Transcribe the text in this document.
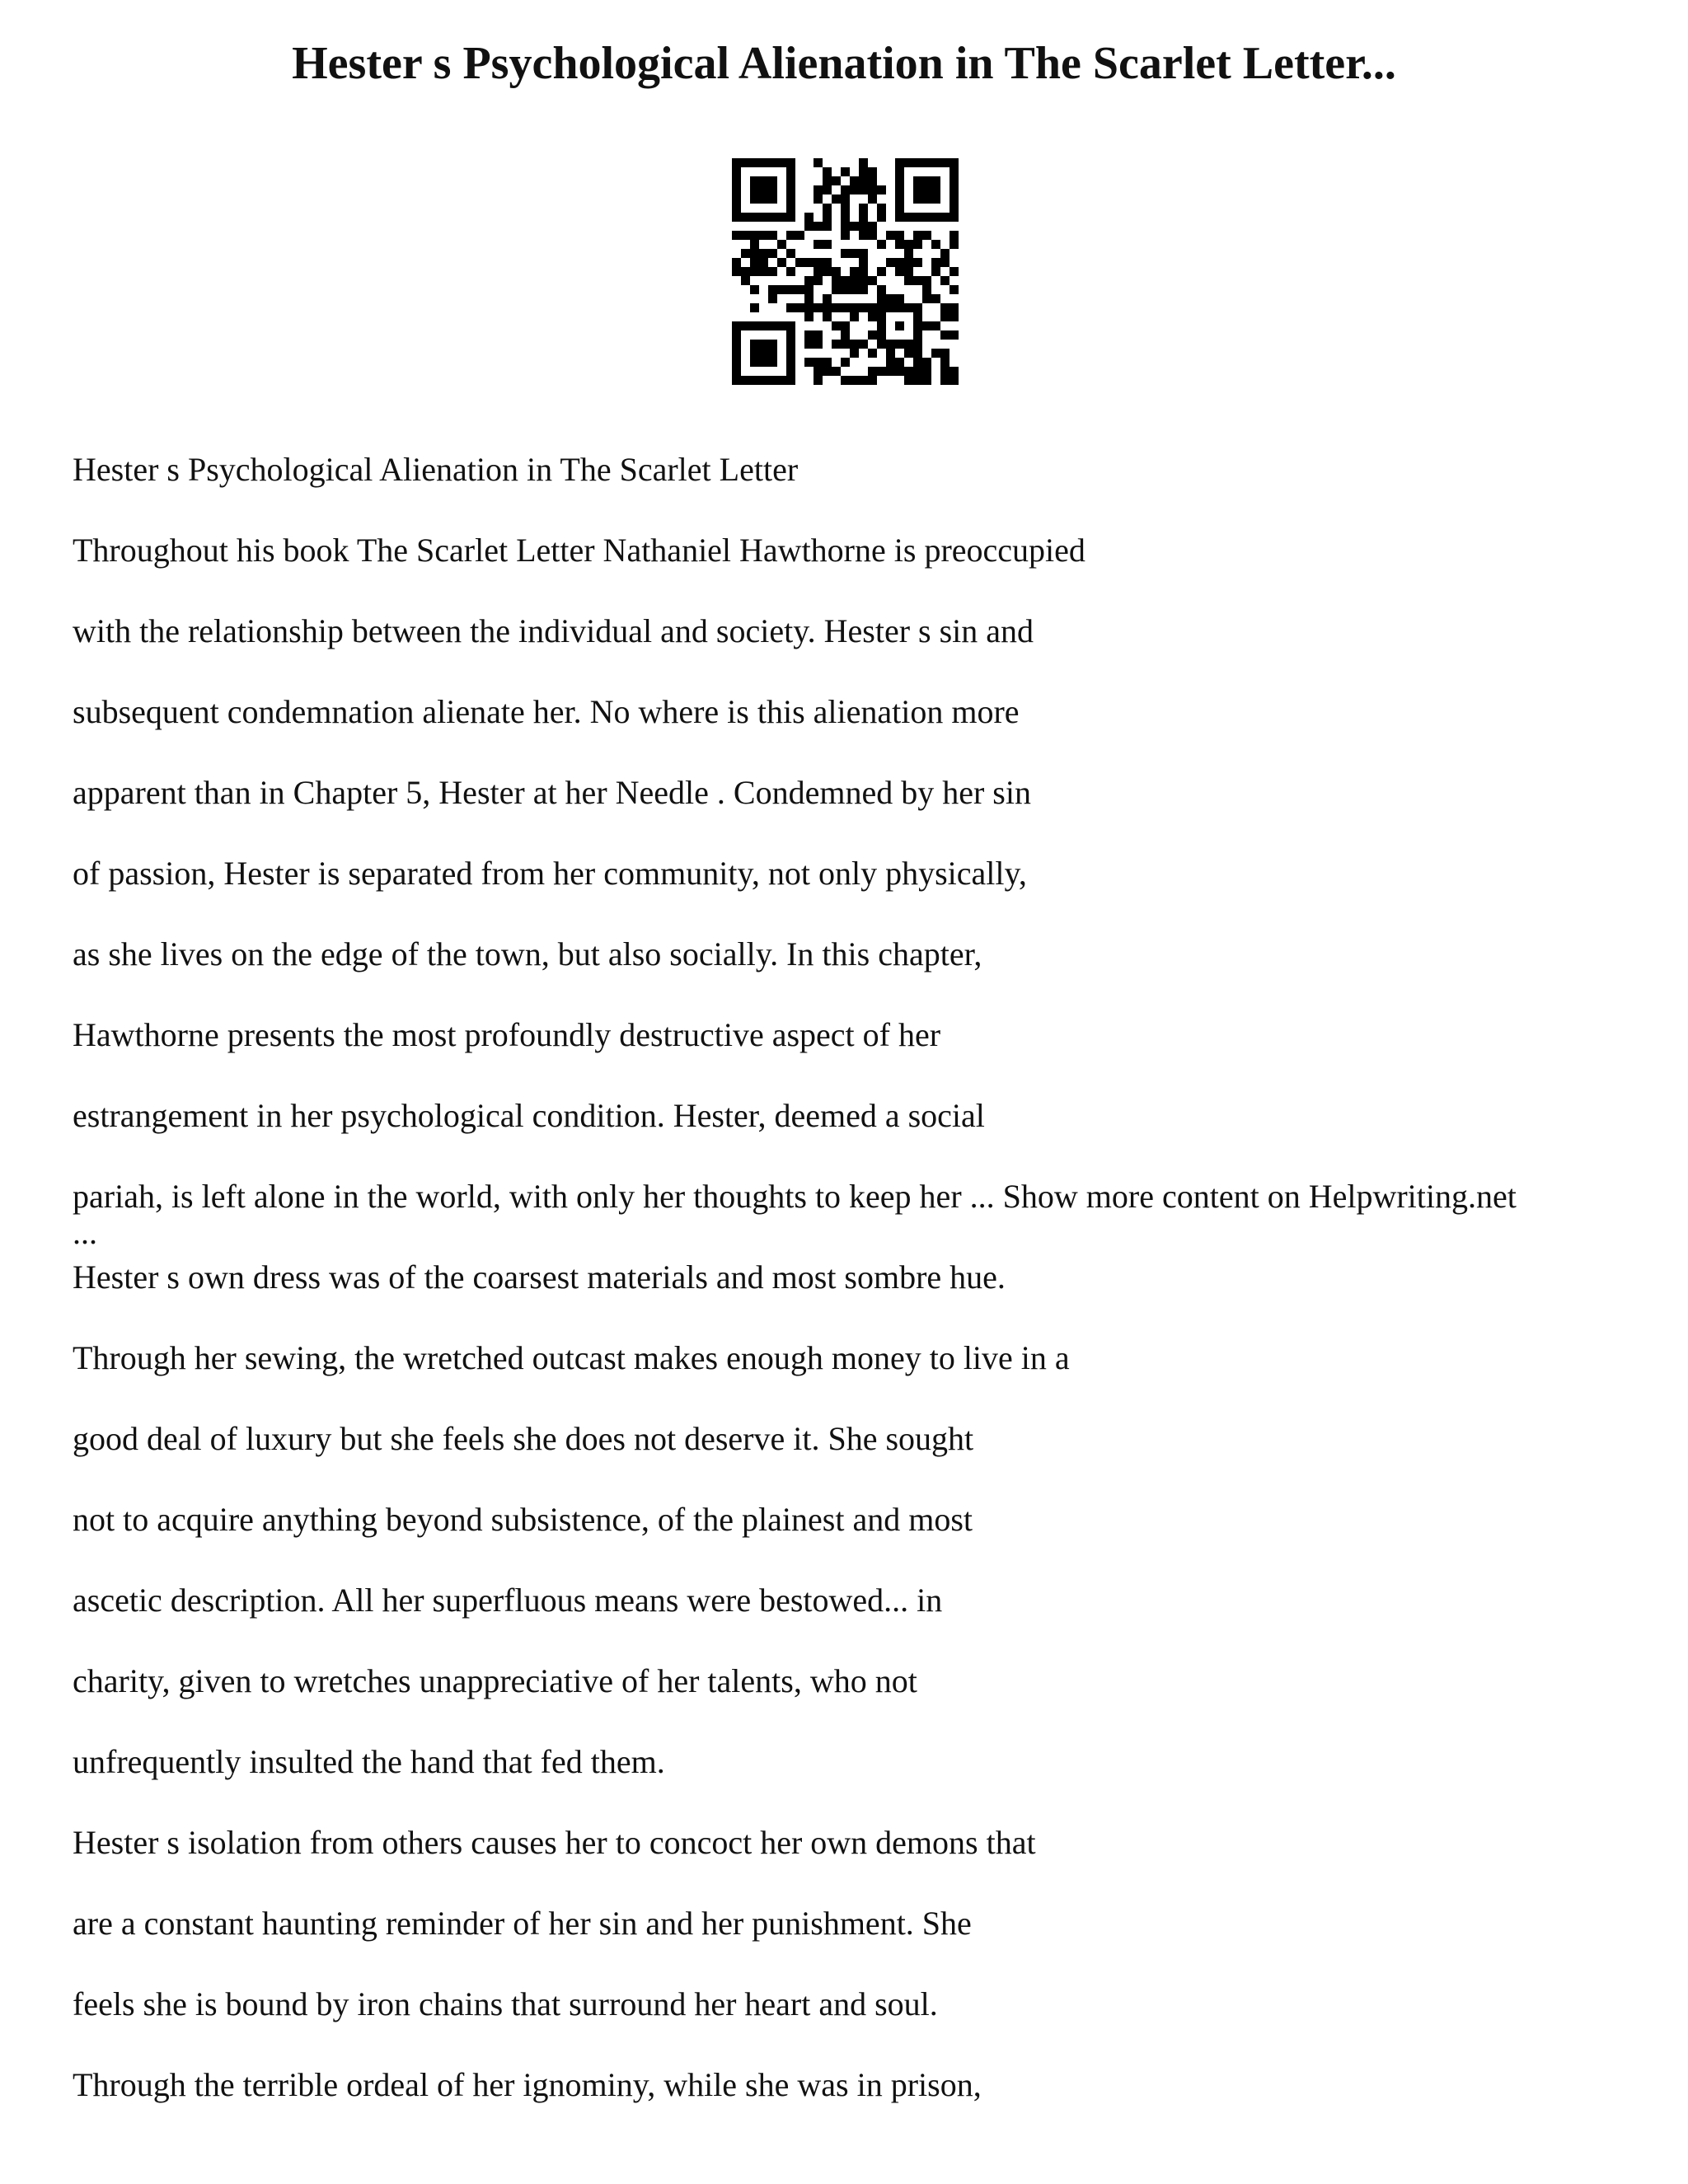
Hester s Psychological Alienation in The Scarlet Letter...

Hester s Psychological Alienation in The Scarlet Letter

Throughout his book The Scarlet Letter Nathaniel Hawthorne is preoccupied

with the relationship between the individual and society. Hester s sin and

subsequent condemnation alienate her. No where is this alienation more

apparent than in Chapter 5, Hester at her Needle . Condemned by her sin

of passion, Hester is separated from her community, not only physically,

as she lives on the edge of the town, but also socially. In this chapter,

Hawthorne presents the most profoundly destructive aspect of her

estrangement in her psychological condition. Hester, deemed a social

pariah, is left alone in the world, with only her thoughts to keep her ... Show more content on Helpwriting.net

...

Hester s own dress was of the coarsest materials and most sombre hue.

Through her sewing, the wretched outcast makes enough money to live in a

good deal of luxury but she feels she does not deserve it. She sought

not to acquire anything beyond subsistence, of the plainest and most

ascetic description. All her superfluous means were bestowed... in

charity, given to wretches unappreciative of her talents, who not

unfrequently insulted the hand that fed them.

Hester s isolation from others causes her to concoct her own demons that

are a constant haunting reminder of her sin and her punishment. She

feels she is bound by iron chains that surround her heart and soul.

Through the terrible ordeal of her ignominy, while she was in prison,
